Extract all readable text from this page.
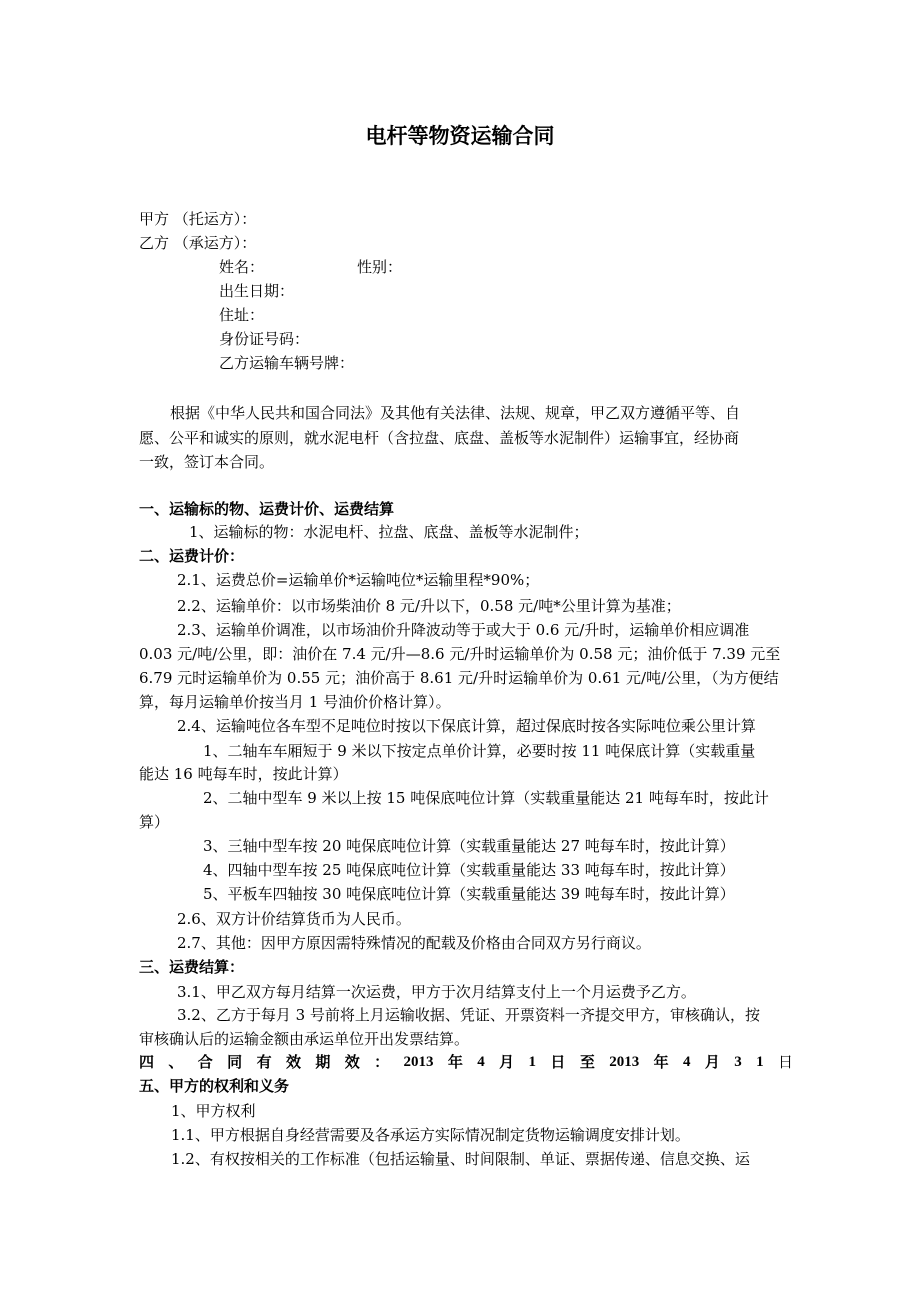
电杆等物资运输合同
甲方 （托运方）：
乙方 （承运方）：
姓名：	性别：
出生日期：
住址：
身份证号码：
乙方运输车辆号牌：
根据《中华人民共和国合同法》及其他有关法律、法规、规章，甲乙双方遵循平等、自
愿、公平和诚实的原则，就水泥电杆（含拉盘、底盘、盖板等水泥制件）运输事宜，经协商
一致，签订本合同。
一、运输标的物、运费计价、运费结算
1、运输标的物：水泥电杆、拉盘、底盘、盖板等水泥制件；
二、运费计价：
2.1、运费总价=运输单价*运输吨位*运输里程*90%；
2.2、运输单价：以市场柴油价 8 元/升以下，0.58 元/吨*公里计算为基准；
2.3、运输单价调准，以市场油价升降波动等于或大于 0.6 元/升时，运输单价相应调准
0.03 元/吨/公里，即：油价在 7.4 元/升—8.6 元/升时运输单价为 0.58 元；油价低于 7.39 元至
6.79 元时运输单价为 0.55 元；油价高于 8.61 元/升时运输单价为 0.61 元/吨/公里，（为方便结
算，每月运输单价按当月 1 号油价价格计算）。
2.4、运输吨位各车型不足吨位时按以下保底计算，超过保底时按各实际吨位乘公里计算
1、二轴车车厢短于 9 米以下按定点单价计算，必要时按 11 吨保底计算（实载重量
能达 16 吨每车时，按此计算）
2、二轴中型车 9 米以上按 15 吨保底吨位计算（实载重量能达 21 吨每车时，按此计
算）
3、三轴中型车按 20 吨保底吨位计算（实载重量能达 27 吨每车时，按此计算）
4、四轴中型车按 25 吨保底吨位计算（实载重量能达 33 吨每车时，按此计算）
5、平板车四轴按 30 吨保底吨位计算（实载重量能达 39 吨每车时，按此计算）
2.6、双方计价结算货币为人民币。
2.7、其他：因甲方原因需特殊情况的配载及价格由合同双方另行商议。
三、运费结算：
3.1、甲乙双方每月结算一次运费，甲方于次月结算支付上一个月运费予乙方。
3.2、乙方于每月 3 号前将上月运输收据、凭证、开票资料一齐提交甲方，审核确认，按
审核确认后的运输金额由承运单位开出发票结算。
四 、 合 同 有 效 期 效 ： 2013 年 4 月 1 日 至 2013 年 4 月 3 1 日
五、甲方的权利和义务
1、甲方权利
1.1、甲方根据自身经营需要及各承运方实际情况制定货物运输调度安排计划。
1.2、有权按相关的工作标准（包括运输量、时间限制、单证、票据传递、信息交换、运
